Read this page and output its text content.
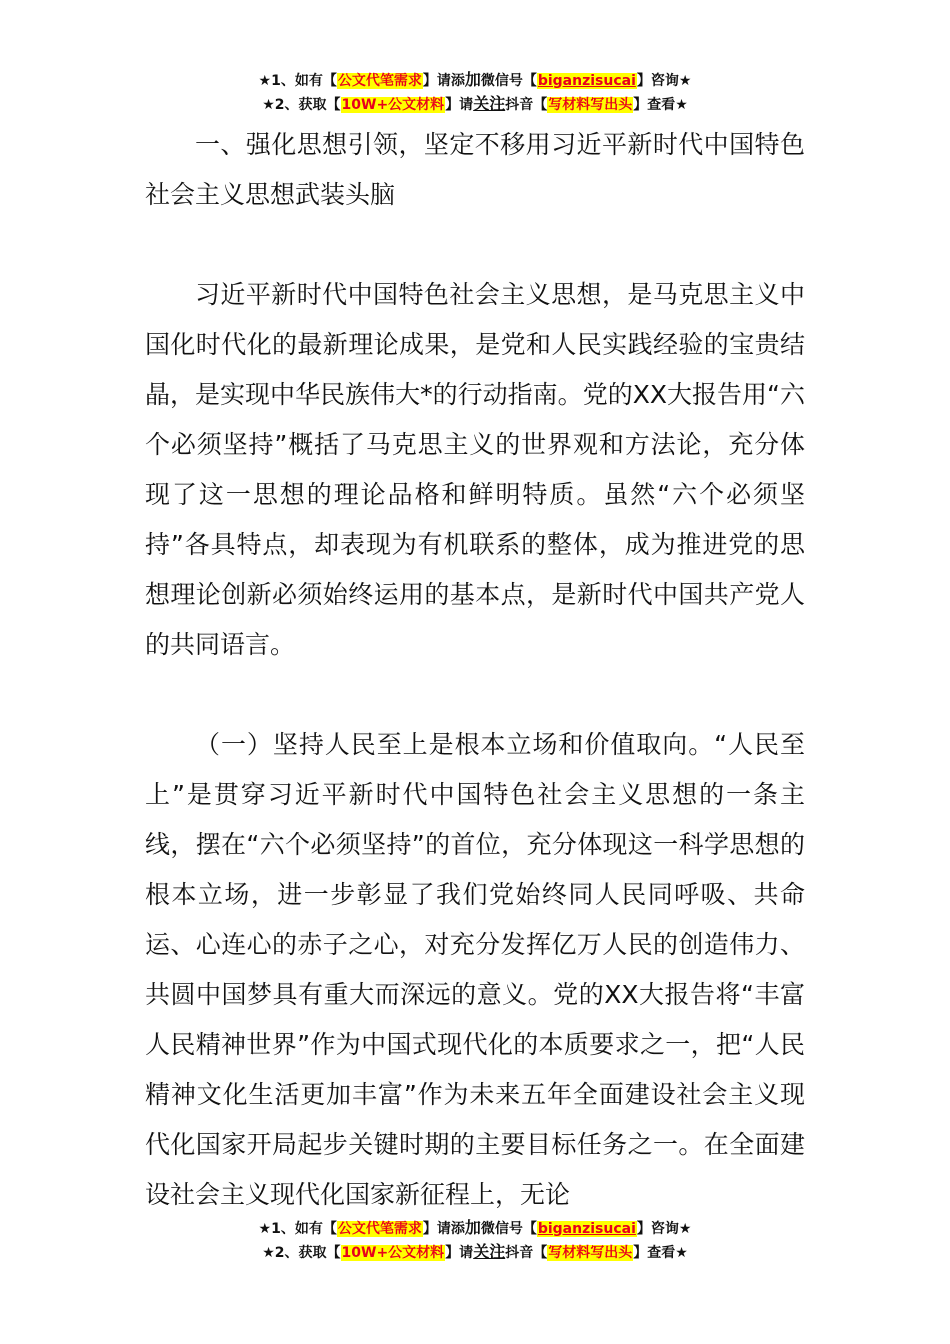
★1、如有【公文代笔需求】请添加微信号【biganzisucai】咨询★
★2、获取【10W+公文材料】请关注抖音【写材料写出头】查看★

一、强化思想引领，坚定不移用习近平新时代中国特色社会主义思想武装头脑

习近平新时代中国特色社会主义思想，是马克思主义中国化时代化的最新理论成果，是党和人民实践经验的宝贵结晶，是实现中华民族伟大*的行动指南。党的XX大报告用“六个必须坚持”概括了马克思主义的世界观和方法论，充分体现了这一思想的理论品格和鲜明特质。虽然“六个必须坚持”各具特点，却表现为有机联系的整体，成为推进党的思想理论创新必须始终运用的基本点，是新时代中国共产党人的共同语言。

（一）坚持人民至上是根本立场和价值取向。“人民至上”是贯穿习近平新时代中国特色社会主义思想的一条主线，摆在“六个必须坚持”的首位，充分体现这一科学思想的根本立场，进一步彰显了我们党始终同人民同呼吸、共命运、心连心的赤子之心，对充分发挥亿万人民的创造伟力、共圆中国梦具有重大而深远的意义。党的XX大报告将“丰富人民精神世界”作为中国式现代化的本质要求之一，把“人民精神文化生活更加丰富”作为未来五年全面建设社会主义现代化国家开局起步关键时期的主要目标任务之一。在全面建设社会主义现代化国家新征程上，无论

★1、如有【公文代笔需求】请添加微信号【biganzisucai】咨询★
★2、获取【10W+公文材料】请关注抖音【写材料写出头】查看★
